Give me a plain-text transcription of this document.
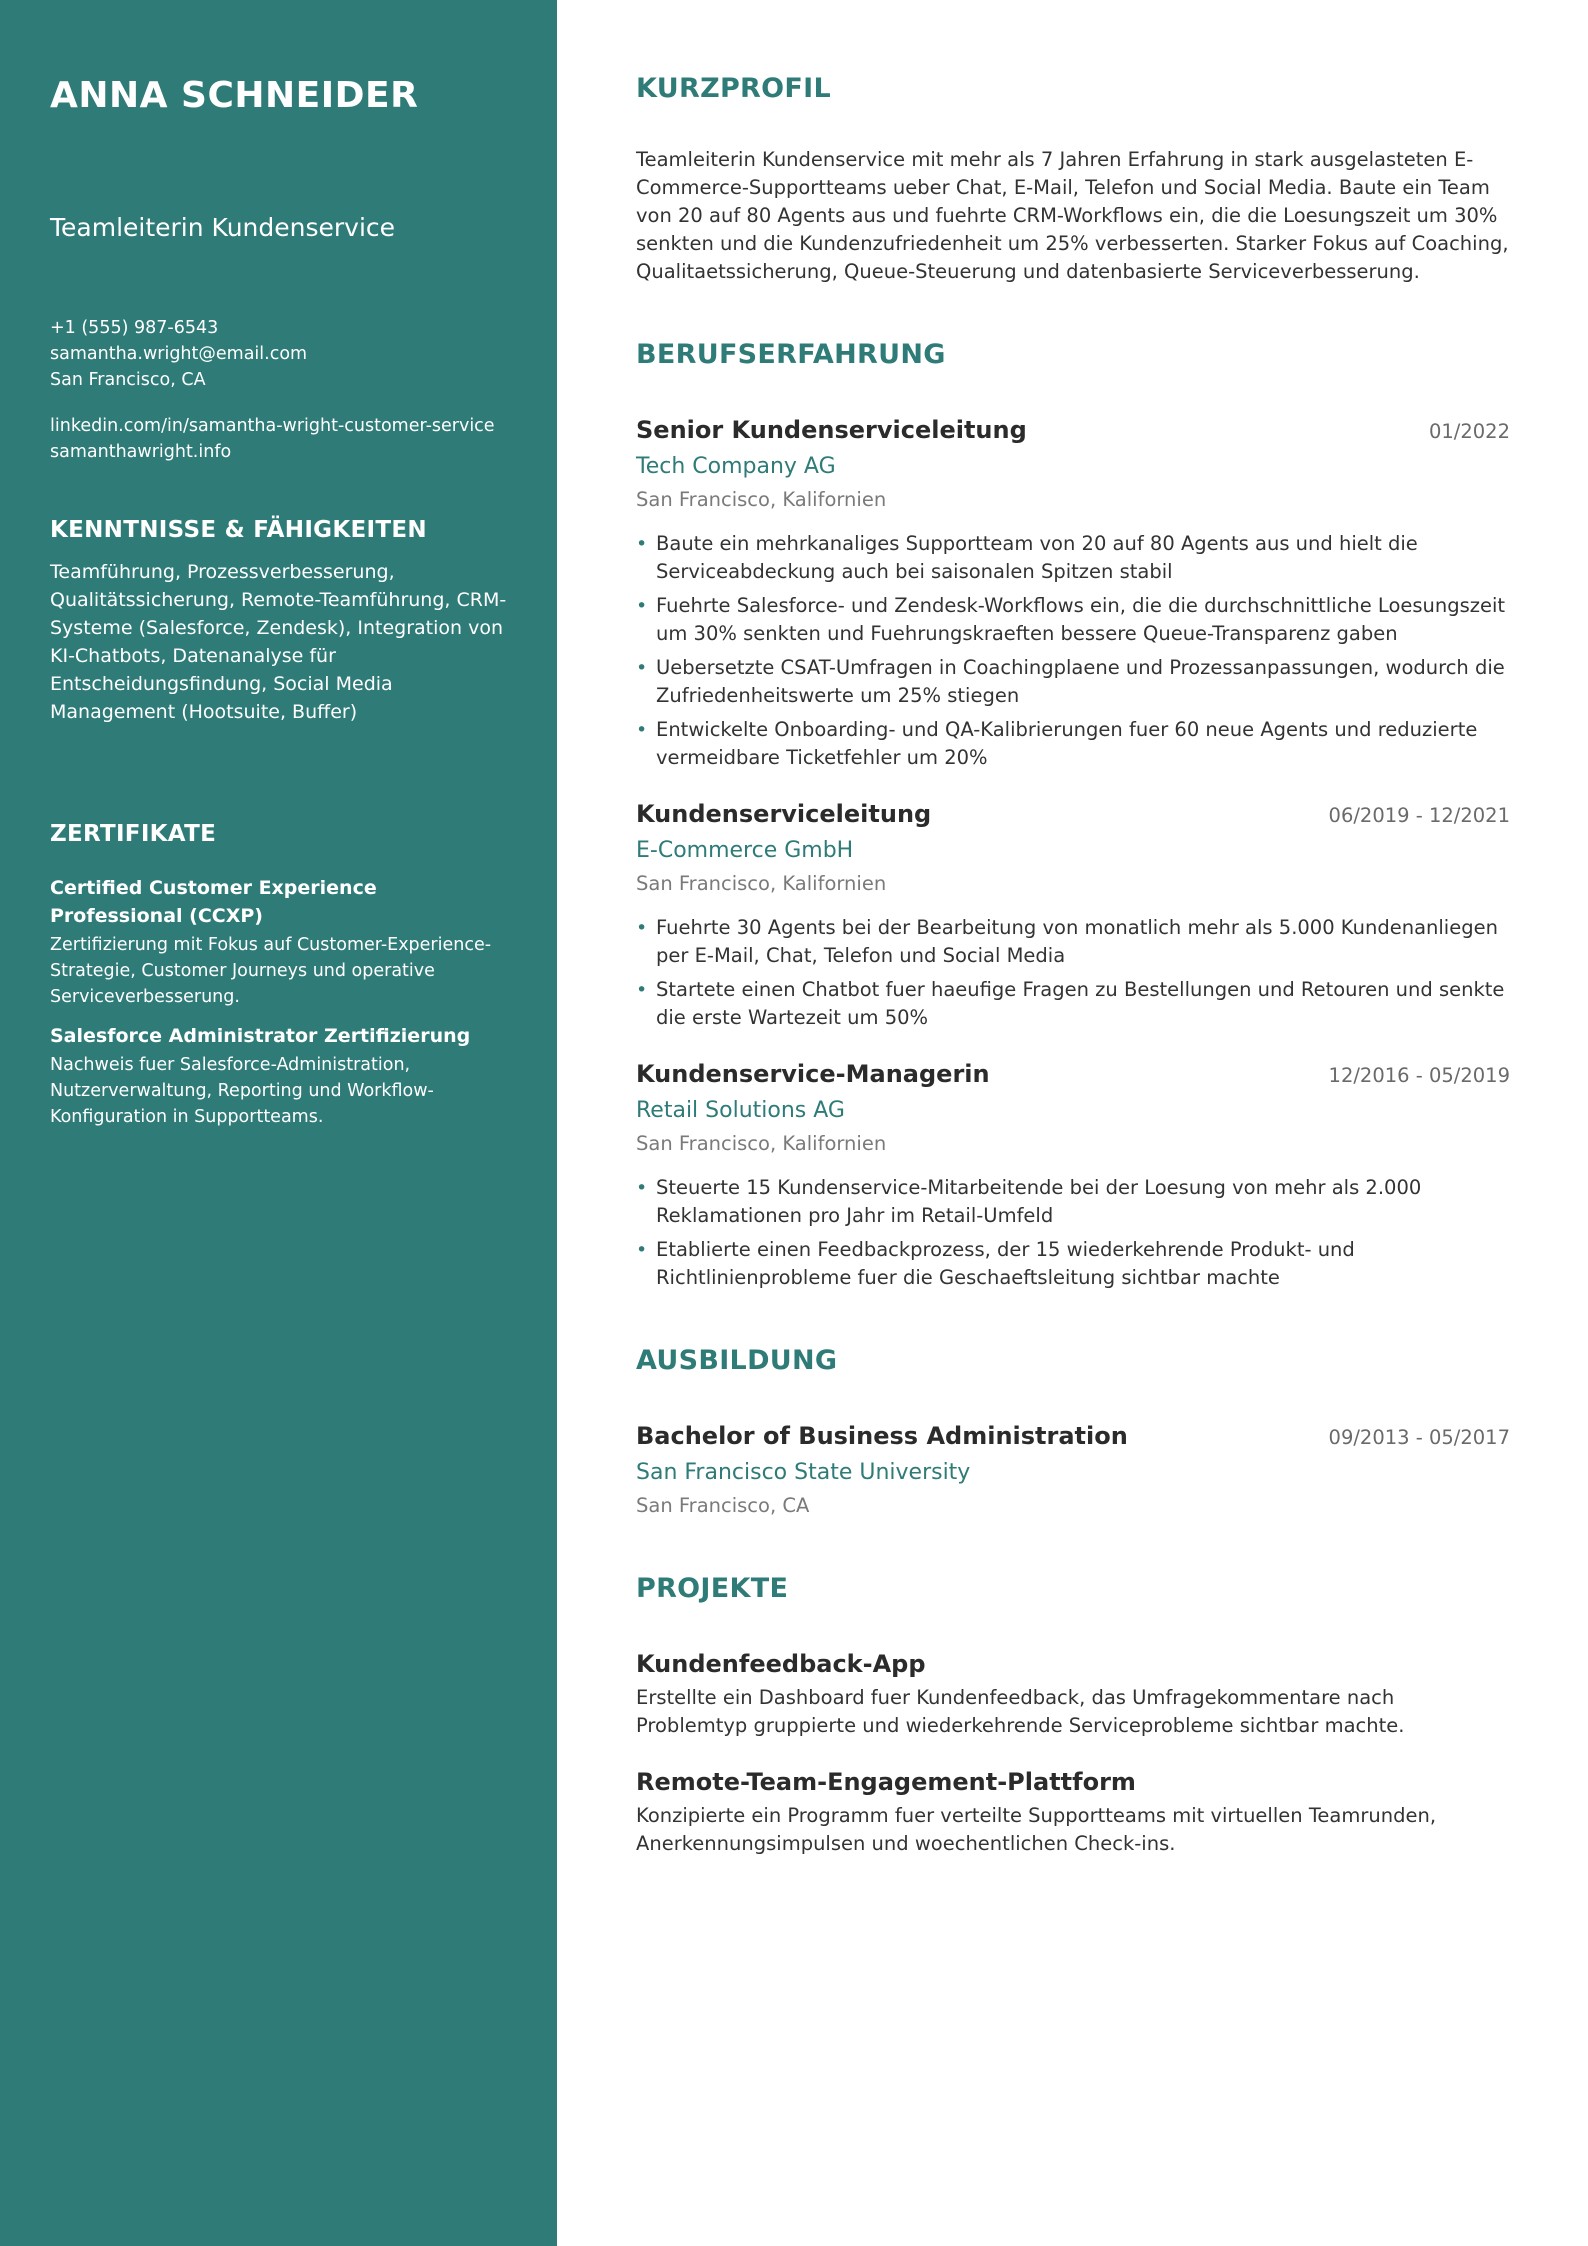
ANNA SCHNEIDER
Teamleiterin Kundenservice
+1 (555) 987-6543
samantha.wright@email.com
San Francisco, CA
linkedin.com/in/samantha-wright-customer-service
samanthawright.info
KENNTNISSE & FÄHIGKEITEN
Teamführung, Prozessverbesserung, Qualitätssicherung, Remote-Teamführung, CRM-Systeme (Salesforce, Zendesk), Integration von KI-Chatbots, Datenanalyse für Entscheidungsfindung, Social Media Management (Hootsuite, Buffer)
ZERTIFIKATE
Certified Customer Experience Professional (CCXP)
Zertifizierung mit Fokus auf Customer-Experience-Strategie, Customer Journeys und operative Serviceverbesserung.
Salesforce Administrator Zertifizierung
Nachweis fuer Salesforce-Administration, Nutzerverwaltung, Reporting und Workflow-Konfiguration in Supportteams.
KURZPROFIL
Teamleiterin Kundenservice mit mehr als 7 Jahren Erfahrung in stark ausgelasteten E-Commerce-Supportteams ueber Chat, E-Mail, Telefon und Social Media. Baute ein Team von 20 auf 80 Agents aus und fuehrte CRM-Workflows ein, die die Loesungszeit um 30% senkten und die Kundenzufriedenheit um 25% verbesserten. Starker Fokus auf Coaching, Qualitaetssicherung, Queue-Steuerung und datenbasierte Serviceverbesserung.
BERUFSERFAHRUNG
Senior Kundenserviceleitung	01/2022
Tech Company AG
San Francisco, Kalifornien
• Baute ein mehrkanaliges Supportteam von 20 auf 80 Agents aus und hielt die Serviceabdeckung auch bei saisonalen Spitzen stabil
• Fuehrte Salesforce- und Zendesk-Workflows ein, die die durchschnittliche Loesungszeit um 30% senkten und Fuehrungskraeften bessere Queue-Transparenz gaben
• Uebersetzte CSAT-Umfragen in Coachingplaene und Prozessanpassungen, wodurch die Zufriedenheitswerte um 25% stiegen
• Entwickelte Onboarding- und QA-Kalibrierungen fuer 60 neue Agents und reduzierte vermeidbare Ticketfehler um 20%
Kundenserviceleitung	06/2019 - 12/2021
E-Commerce GmbH
San Francisco, Kalifornien
• Fuehrte 30 Agents bei der Bearbeitung von monatlich mehr als 5.000 Kundenanliegen per E-Mail, Chat, Telefon und Social Media
• Startete einen Chatbot fuer haeufige Fragen zu Bestellungen und Retouren und senkte die erste Wartezeit um 50%
Kundenservice-Managerin	12/2016 - 05/2019
Retail Solutions AG
San Francisco, Kalifornien
• Steuerte 15 Kundenservice-Mitarbeitende bei der Loesung von mehr als 2.000 Reklamationen pro Jahr im Retail-Umfeld
• Etablierte einen Feedbackprozess, der 15 wiederkehrende Produkt- und Richtlinienprobleme fuer die Geschaeftsleitung sichtbar machte
AUSBILDUNG
Bachelor of Business Administration	09/2013 - 05/2017
San Francisco State University
San Francisco, CA
PROJEKTE
Kundenfeedback-App
Erstellte ein Dashboard fuer Kundenfeedback, das Umfragekommentare nach Problemtyp gruppierte und wiederkehrende Serviceprobleme sichtbar machte.
Remote-Team-Engagement-Plattform
Konzipierte ein Programm fuer verteilte Supportteams mit virtuellen Teamrunden, Anerkennungsimpulsen und woechentlichen Check-ins.
